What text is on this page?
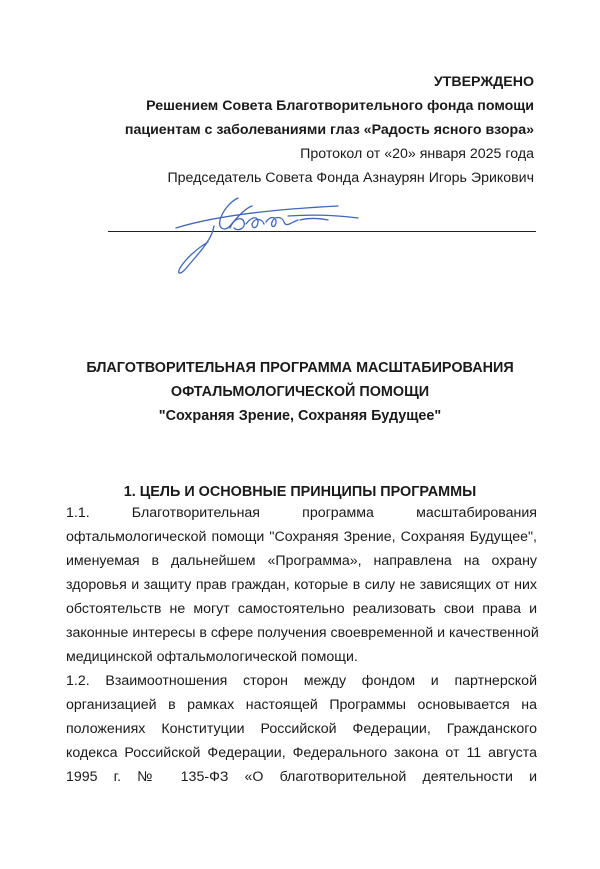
УТВЕРЖДЕНО
Решением Совета Благотворительного фонда помощи
пациентам с заболеваниями глаз «Радость ясного взора»
Протокол от «20» января 2025 года
Председатель Совета Фонда Азнаурян Игорь Эрикович
БЛАГОТВОРИТЕЛЬНАЯ ПРОГРАММА МАСШТАБИРОВАНИЯ
ОФТАЛЬМОЛОГИЧЕСКОЙ ПОМОЩИ
"Сохраняя Зрение, Сохраняя Будущее"
1. ЦЕЛЬ И ОСНОВНЫЕ ПРИНЦИПЫ ПРОГРАММЫ
1.1. Благотворительная программа масштабирования
офтальмологической помощи "Сохраняя Зрение, Сохраняя Будущее",
именуемая в дальнейшем «Программа», направлена на охрану
здоровья и защиту прав граждан, которые в силу не зависящих от них
обстоятельств не могут самостоятельно реализовать свои права и
законные интересы в сфере получения своевременной и качественной
медицинской офтальмологической помощи.
1.2. Взаимоотношения сторон между фондом и партнерской
организацией в рамках настоящей Программы основывается на
положениях Конституции Российской Федерации, Гражданского
кодекса Российской Федерации, Федерального закона от 11 августа
1995 г. № 135-ФЗ «О благотворительной деятельности и
